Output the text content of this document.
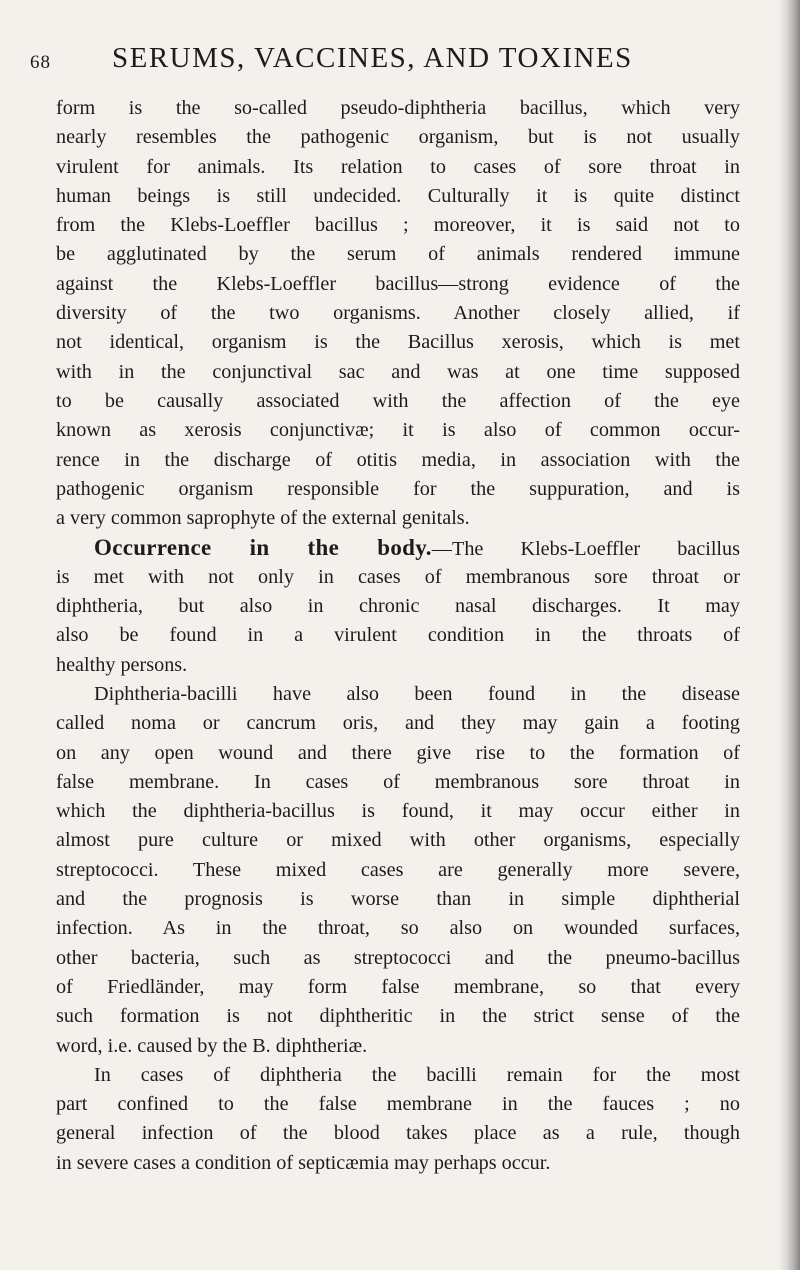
68 SERUMS, VACCINES, AND TOXINES
form is the so-called pseudo-diphtheria bacillus, which very
nearly resembles the pathogenic organism, but is not usually
virulent for animals. Its relation to cases of sore throat in
human beings is still undecided. Culturally it is quite distinct
from the Klebs-Loeffler bacillus ; moreover, it is said not to
be agglutinated by the serum of animals rendered immune
against the Klebs-Loeffler bacillus—strong evidence of the
diversity of the two organisms. Another closely allied, if
not identical, organism is the Bacillus xerosis, which is met
with in the conjunctival sac and was at one time supposed
to be causally associated with the affection of the eye
known as xerosis conjunctivæ; it is also of common occur-
rence in the discharge of otitis media, in association with the
pathogenic organism responsible for the suppuration, and is
a very common saprophyte of the external genitals.
Occurrence in the body.—The Klebs-Loeffler bacillus
is met with not only in cases of membranous sore throat or
diphtheria, but also in chronic nasal discharges. It may
also be found in a virulent condition in the throats of
healthy persons.
Diphtheria-bacilli have also been found in the disease
called noma or cancrum oris, and they may gain a footing
on any open wound and there give rise to the formation of
false membrane. In cases of membranous sore throat in
which the diphtheria-bacillus is found, it may occur either in
almost pure culture or mixed with other organisms, especially
streptococci. These mixed cases are generally more severe,
and the prognosis is worse than in simple diphtherial
infection. As in the throat, so also on wounded surfaces,
other bacteria, such as streptococci and the pneumo-bacillus
of Friedländer, may form false membrane, so that every
such formation is not diphtheritic in the strict sense of the
word, i.e. caused by the B. diphtheriæ.
In cases of diphtheria the bacilli remain for the most
part confined to the false membrane in the fauces ; no
general infection of the blood takes place as a rule, though
in severe cases a condition of septicæmia may perhaps occur.
